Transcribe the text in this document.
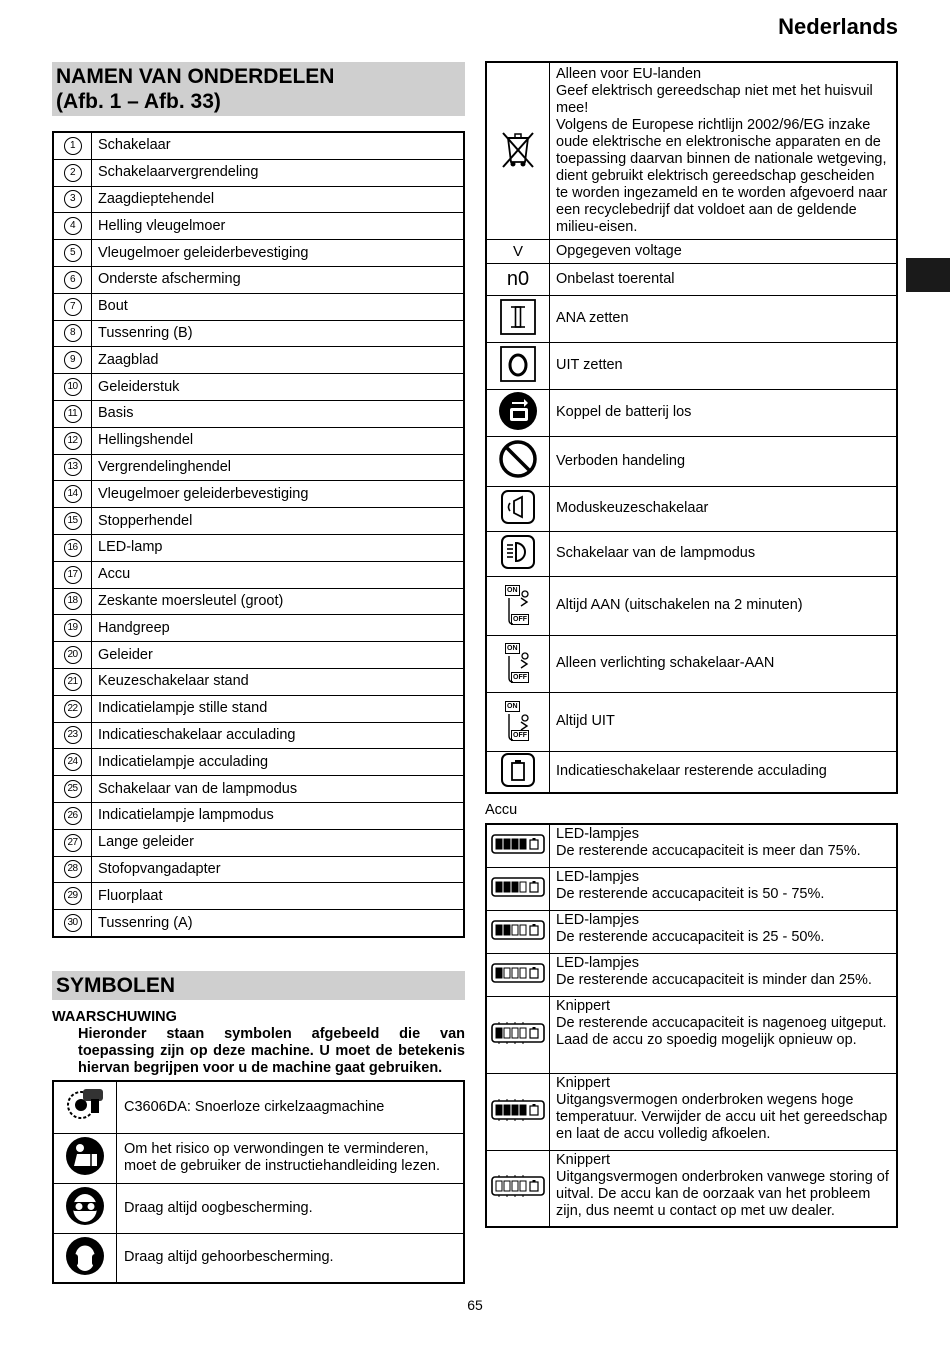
Nederlands
NAMEN VAN ONDERDELEN
(Afb. 1 – Afb. 33)
1	Schakelaar
2	Schakelaarvergrendeling
3	Zaagdieptehendel
4	Helling vleugelmoer
5	Vleugelmoer geleiderbevestiging
6	Onderste afscherming
7	Bout
8	Tussenring (B)
9	Zaagblad
10	Geleiderstuk
11	Basis
12	Hellingshendel
13	Vergrendelinghendel
14	Vleugelmoer geleiderbevestiging
15	Stopperhendel
16	LED-lamp
17	Accu
18	Zeskante moersleutel (groot)
19	Handgreep
20	Geleider
21	Keuzeschakelaar stand
22	Indicatielampje stille stand
23	Indicatieschakelaar acculading
24	Indicatielampje acculading
25	Schakelaar van de lampmodus
26	Indicatielampje lampmodus
27	Lange geleider
28	Stofopvangadapter
29	Fluorplaat
30	Tussenring (A)
SYMBOLEN
WAARSCHUWING
Hieronder staan symbolen afgebeeld die van toepassing zijn op deze machine. U moet de betekenis hiervan begrijpen voor u de machine gaat gebruiken.
	C3606DA: Snoerloze cirkelzaagmachine
	Om het risico op verwondingen te verminderen, moet de gebruiker de instructiehandleiding lezen.
	Draag altijd oogbescherming.
	Draag altijd gehoorbescherming.
	Alleen voor EU-landen
Geef elektrisch gereedschap niet met het huisvuil mee!
Volgens de Europese richtlijn 2002/96/EG inzake oude elektrische en elektronische apparaten en de toepassing daarvan binnen de nationale wetgeving, dient gebruikt elektrisch gereedschap gescheiden te worden ingezameld en te worden afgevoerd naar een recyclebedrijf dat voldoet aan de geldende milieu-eisen.
V	Opgegeven voltage
n0	Onbelast toerental
	ANA zetten
	UIT zetten
	Koppel de batterij los
	Verboden handeling
	Moduskeuzeschakelaar
	Schakelaar van de lampmodus

ON
OFF	Altijd AAN (uitschakelen na 2 minuten)

ON
OFF	Alleen verlichting schakelaar-AAN

ON
OFF	Altijd UIT
	Indicatieschakelaar resterende acculading
Accu
	LED-lampjes
De resterende accucapaciteit is meer dan 75%.
	LED-lampjes
De resterende accucapaciteit is 50 - 75%.
	LED-lampjes
De resterende accucapaciteit is 25 - 50%.
	LED-lampjes
De resterende accucapaciteit is minder dan 25%.
	Knippert
De resterende accucapaciteit is nagenoeg uitgeput. Laad de accu zo spoedig mogelijk opnieuw op.
	Knippert
Uitgangsvermogen onderbroken wegens hoge temperatuur. Verwijder de accu uit het gereedschap en laat de accu volledig afkoelen.
	Knippert
Uitgangsvermogen onderbroken vanwege storing of uitval. De accu kan de oorzaak van het probleem zijn, dus neemt u contact op met uw dealer.
65
